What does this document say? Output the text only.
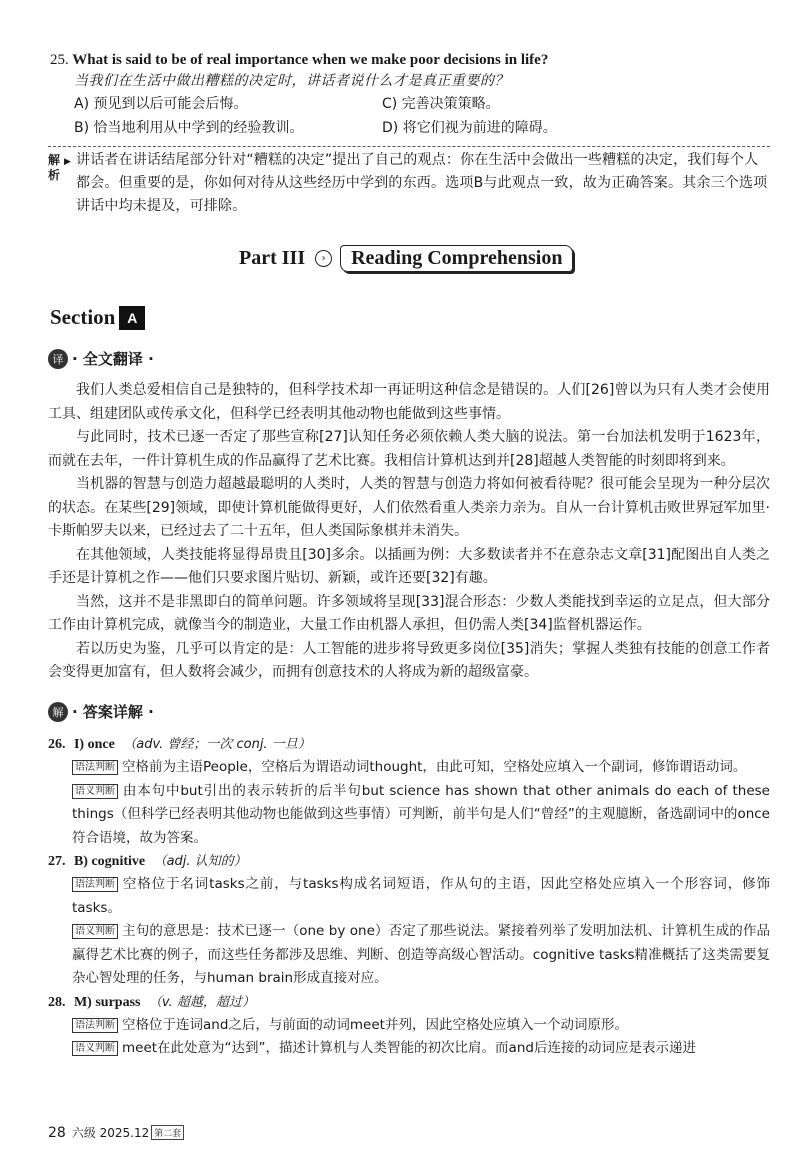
25. What is said to be of real importance when we make poor decisions in life?
当我们在生活中做出糟糕的决定时，讲话者说什么才是真正重要的？
A) 预见到以后可能会后悔。	C) 完善决策策略。
B) 恰当地利用从中学到的经验教训。	D) 将它们视为前进的障碍。
解析
▶ 讲话者在讲话结尾部分针对“糟糕的决定”提出了自己的观点：你在生活中会做出一些糟糕的决定，我们每个人都会。但重要的是，你如何对待从这些经历中学到的东西。选项B与此观点一致，故为正确答案。其余三个选项讲话中均未提及，可排除。
Part III	›	Reading Comprehension
Section A
译 · 全文翻译 ·

我们人类总爱相信自己是独特的，但科学技术却一再证明这种信念是错误的。人们[26]曾以为只有人类才会使用工具、组建团队或传承文化，但科学已经表明其他动物也能做到这些事情。

与此同时，技术已逐一否定了那些宣称[27]认知任务必须依赖人类大脑的说法。第一台加法机发明于1623年，而就在去年，一件计算机生成的作品赢得了艺术比赛。我相信计算机达到并[28]超越人类智能的时刻即将到来。

当机器的智慧与创造力超越最聪明的人类时，人类的智慧与创造力将如何被看待呢？很可能会呈现为一种分层次的状态。在某些[29]领域，即使计算机能做得更好，人们依然看重人类亲力亲为。自从一台计算机击败世界冠军加里·卡斯帕罗夫以来，已经过去了二十五年，但人类国际象棋并未消失。

在其他领域，人类技能将显得昂贵且[30]多余。以插画为例：大多数读者并不在意杂志文章[31]配图出自人类之手还是计算机之作——他们只要求图片贴切、新颖，或许还要[32]有趣。

当然，这并不是非黑即白的简单问题。许多领域将呈现[33]混合形态：少数人类能找到幸运的立足点，但大部分工作由计算机完成，就像当今的制造业，大量工作由机器人承担，但仍需人类[34]监督机器运作。

若以历史为鉴，几乎可以肯定的是：人工智能的进步将导致更多岗位[35]消失；掌握人类独有技能的创意工作者会变得更加富有，但人数将会减少，而拥有创意技术的人将成为新的超级富豪。

解 · 答案详解 ·
26. I) once （adv. 曾经；一次 conj. 一旦）
语法判断 空格前为主语People，空格后为谓语动词thought，由此可知，空格处应填入一个副词，修饰谓语动词。
语义判断 由本句中but引出的表示转折的后半句but science has shown that other animals do each of these things（但科学已经表明其他动物也能做到这些事情）可判断，前半句是人们“曾经”的主观臆断，备选副词中的once符合语境，故为答案。
27. B) cognitive （adj. 认知的）
语法判断 空格位于名词tasks之前，与tasks构成名词短语，作从句的主语，因此空格处应填入一个形容词，修饰tasks。
语义判断 主句的意思是：技术已逐一（one by one）否定了那些说法。紧接着列举了发明加法机、计算机生成的作品赢得艺术比赛的例子，而这些任务都涉及思维、判断、创造等高级心智活动。cognitive tasks精准概括了这类需要复杂心智处理的任务，与human brain形成直接对应。
28. M) surpass （v. 超越，超过）
语法判断 空格位于连词and之后，与前面的动词meet并列，因此空格处应填入一个动词原形。
语义判断 meet在此处意为“达到”，描述计算机与人类智能的初次比肩。而and后连接的动词应是表示递进
28 六级 2025.12 第二套
